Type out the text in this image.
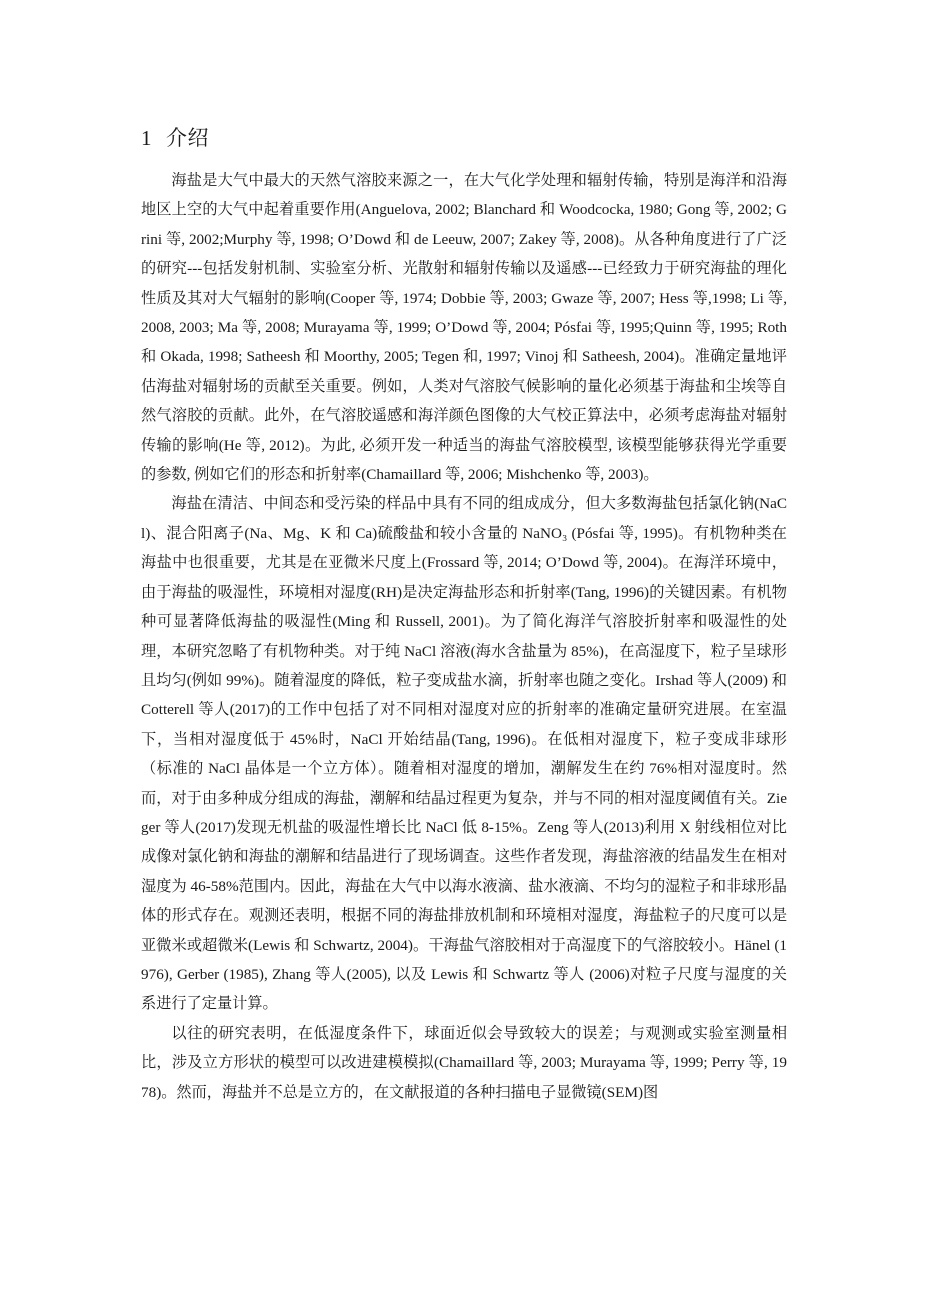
1 介绍

海盐是大气中最大的天然气溶胶来源之一，在大气化学处理和辐射传输，特别是海洋和沿海地区上空的大气中起着重要作用(Anguelova, 2002; Blanchard 和 Woodcocka, 1980; Gong 等, 2002; Grini 等, 2002;Murphy 等, 1998; O’Dowd 和 de Leeuw, 2007; Zakey 等, 2008)。从各种角度进行了广泛的研究---包括发射机制、实验室分析、光散射和辐射传输以及遥感---已经致力于研究海盐的理化性质及其对大气辐射的影响(Cooper 等, 1974; Dobbie 等, 2003; Gwaze 等, 2007; Hess 等,1998; Li 等, 2008, 2003; Ma 等, 2008; Murayama 等, 1999; O’Dowd 等, 2004; Pósfai 等, 1995;Quinn 等, 1995; Roth 和 Okada, 1998; Satheesh 和 Moorthy, 2005; Tegen 和, 1997; Vinoj 和 Satheesh, 2004)。准确定量地评估海盐对辐射场的贡献至关重要。例如，人类对气溶胶气候影响的量化必须基于海盐和尘埃等自然气溶胶的贡献。此外，在气溶胶遥感和海洋颜色图像的大气校正算法中，必须考虑海盐对辐射传输的影响(He 等, 2012)。为此, 必须开发一种适当的海盐气溶胶模型, 该模型能够获得光学重要的参数, 例如它们的形态和折射率(Chamaillard 等, 2006; Mishchenko 等, 2003)。

海盐在清洁、中间态和受污染的样品中具有不同的组成成分，但大多数海盐包括氯化钠(NaCl)、混合阳离子(Na、Mg、K 和 Ca)硫酸盐和较小含量的 NaNO₃ (Pósfai 等, 1995)。有机物种类在海盐中也很重要，尤其是在亚微米尺度上(Frossard 等, 2014; O’Dowd 等, 2004)。在海洋环境中，由于海盐的吸湿性，环境相对湿度(RH)是决定海盐形态和折射率(Tang, 1996)的关键因素。有机物种可显著降低海盐的吸湿性(Ming 和 Russell, 2001)。为了简化海洋气溶胶折射率和吸湿性的处理，本研究忽略了有机物种类。对于纯 NaCl 溶液(海水含盐量为 85%)，在高湿度下，粒子呈球形且均匀(例如 99%)。随着湿度的降低，粒子变成盐水滴，折射率也随之变化。Irshad 等人(2009) 和 Cotterell 等人(2017)的工作中包括了对不同相对湿度对应的折射率的准确定量研究进展。在室温下，当相对湿度低于 45%时，NaCl 开始结晶(Tang, 1996)。在低相对湿度下，粒子变成非球形（标准的 NaCl 晶体是一个立方体）。随着相对湿度的增加，潮解发生在约 76%相对湿度时。然而，对于由多种成分组成的海盐，潮解和结晶过程更为复杂，并与不同的相对湿度阈值有关。Zieger 等人(2017)发现无机盐的吸湿性增长比 NaCl 低 8-15%。Zeng 等人(2013)利用 X 射线相位对比成像对氯化钠和海盐的潮解和结晶进行了现场调查。这些作者发现，海盐溶液的结晶发生在相对湿度为 46-58%范围内。因此，海盐在大气中以海水液滴、盐水液滴、不均匀的湿粒子和非球形晶体的形式存在。观测还表明，根据不同的海盐排放机制和环境相对湿度，海盐粒子的尺度可以是亚微米或超微米(Lewis 和 Schwartz, 2004)。干海盐气溶胶相对于高湿度下的气溶胶较小。Hänel (1976), Gerber (1985), Zhang 等人(2005), 以及 Lewis 和 Schwartz 等人 (2006)对粒子尺度与湿度的关系进行了定量计算。

以往的研究表明，在低湿度条件下，球面近似会导致较大的误差；与观测或实验室测量相比，涉及立方形状的模型可以改进建模模拟(Chamaillard 等, 2003; Murayama 等, 1999; Perry 等, 1978)。然而，海盐并不总是立方的，在文献报道的各种扫描电子显微镜(SEM)图
